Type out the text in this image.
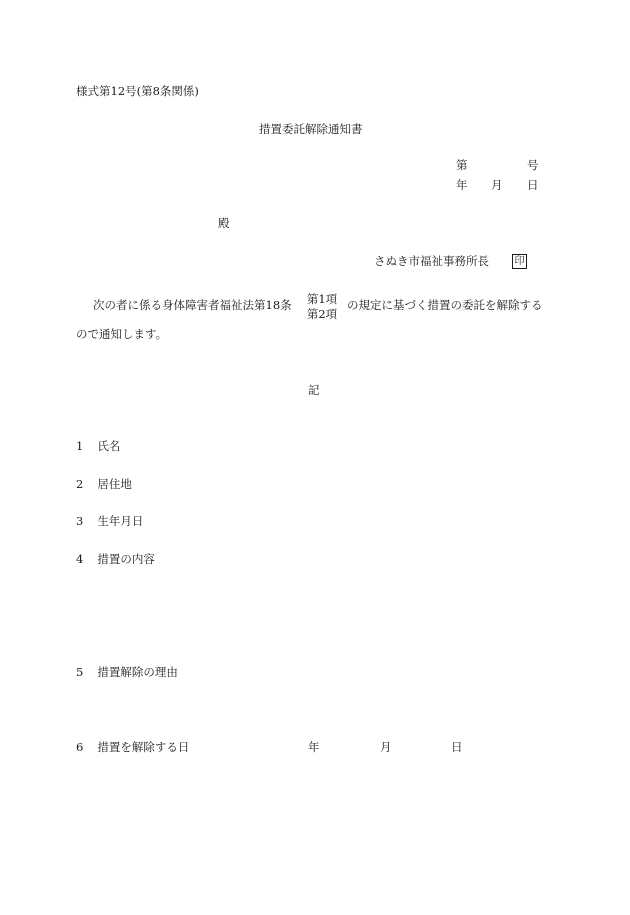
様式第12号(第8条関係)
措置委託解除通知書
第	号
年 月 日
殿
さぬき市福祉事務所長	印
次の者に係る身体障害者福祉法第18条 第1項
第2項
の規定に基づく措置の委託を解除する
ので通知します。
記
1 氏名
2 居住地
3 生年月日
4 措置の内容
5 措置解除の理由
6 措置を解除する日	年	月	日
